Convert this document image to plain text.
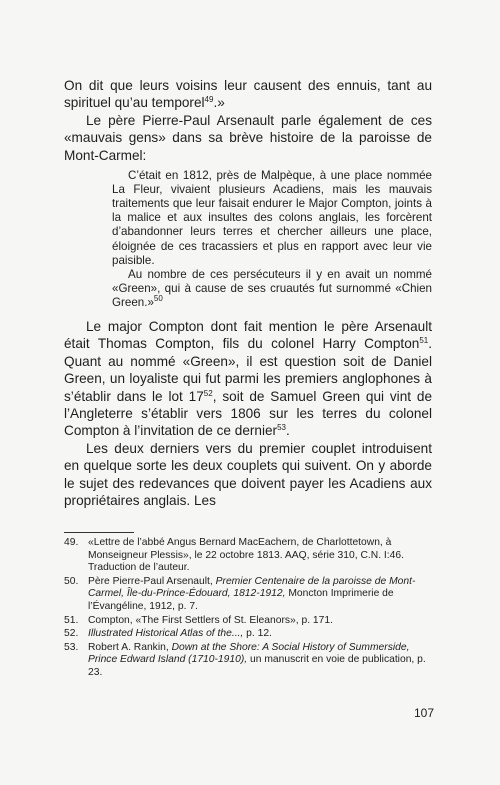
On dit que leurs voisins leur causent des ennuis, tant au spirituel qu’au temporel$^{49}$.»

Le père Pierre-Paul Arsenault parle également de ces «mauvais gens» dans sa brève histoire de la paroisse de Mont-Carmel:

C’était en 1812, près de Malpèque, à une place nommée La Fleur, vivaient plusieurs Acadiens, mais les mauvais traitements que leur faisait endurer le Major Compton, joints à la malice et aux insultes des colons anglais, les forcèrent d’abandonner leurs terres et chercher ailleurs une place, éloignée de ces tracassiers et plus en rapport avec leur vie paisible.

Au nombre de ces persécuteurs il y en avait un nommé «Green», qui à cause de ses cruautés fut surnommé «Chien Green.»$^{50}$

Le major Compton dont fait mention le père Arsenault était Thomas Compton, fils du colonel Harry Compton$^{51}$. Quant au nommé «Green», il est question soit de Daniel Green, un loyaliste qui fut parmi les premiers anglophones à s’établir dans le lot $17^{52}$, soit de Samuel Green qui vint de l’Angleterre s’établir vers 1806 sur les terres du colonel Compton à l’invitation de ce dernier$^{53}$.

Les deux derniers vers du premier couplet introduisent en quelque sorte les deux couplets qui suivent. On y aborde le sujet des redevances que doivent payer les Acadiens aux propriétaires anglais. Les

49. «Lettre de l’abbé Angus Bernard MacEachern, de Charlottetown, à Monseigneur Plessis», le 22 octobre 1813. AAQ, série 310, C.N. I:46. Traduction de l’auteur.
50. Père Pierre-Paul Arsenault, Premier Centenaire de la paroisse de Mont-Carmel, Île-du-Prince-Édouard, 1812-1912, Moncton Imprimerie de l’Évangéline, 1912, p. 7.
51. Compton, «The First Settlers of St. Eleanors», p. 171.
52. Illustrated Historical Atlas of the..., p. 12.
53. Robert A. Rankin, Down at the Shore: A Social History of Summerside, Prince Edward Island (1710-1910), un manuscrit en voie de publication, p. 23.
107
